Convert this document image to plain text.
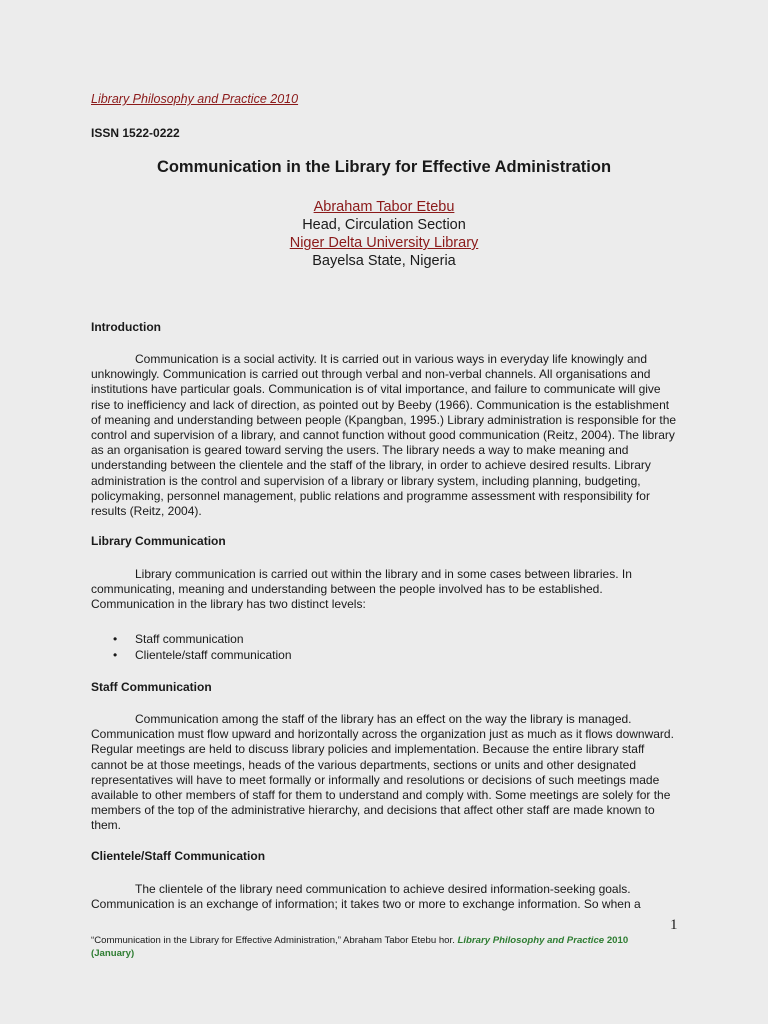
Library Philosophy and Practice 2010
ISSN 1522-0222
Communication in the Library for Effective Administration
Abraham Tabor Etebu
Head, Circulation Section
Niger Delta University Library
Bayelsa State, Nigeria
Introduction

Communication is a social activity. It is carried out in various ways in everyday life knowingly and unknowingly. Communication is carried out through verbal and non-verbal channels. All organisations and institutions have particular goals. Communication is of vital importance, and failure to communicate will give rise to inefficiency and lack of direction, as pointed out by Beeby (1966). Communication is the establishment of meaning and understanding between people (Kpangban, 1995.) Library administration is responsible for the control and supervision of a library, and cannot function without good communication (Reitz, 2004). The library as an organisation is geared toward serving the users. The library needs a way to make meaning and understanding between the clientele and the staff of the library, in order to achieve desired results. Library administration is the control and supervision of a library or library system, including planning, budgeting, policymaking, personnel management, public relations and programme assessment with responsibility for results (Reitz, 2004).

Library Communication

Library communication is carried out within the library and in some cases between libraries. In communicating, meaning and understanding between the people involved has to be established. Communication in the library has two distinct levels:

• Staff communication
• Clientele/staff communication
Staff Communication

Communication among the staff of the library has an effect on the way the library is managed. Communication must flow upward and horizontally across the organization just as much as it flows downward. Regular meetings are held to discuss library policies and implementation. Because the entire library staff cannot be at those meetings, heads of the various departments, sections or units and other designated representatives will have to meet formally or informally and resolutions or decisions of such meetings made available to other members of staff for them to understand and comply with. Some meetings are solely for the members of the top of the administrative hierarchy, and decisions that affect other staff are made known to them.

Clientele/Staff Communication

The clientele of the library need communication to achieve desired information-seeking goals. Communication is an exchange of information; it takes two or more to exchange information. So when a

1
“Communication in the Library for Effective Administration,” Abraham Tabor Etebu hor. Library Philosophy and Practice 2010
(January)
